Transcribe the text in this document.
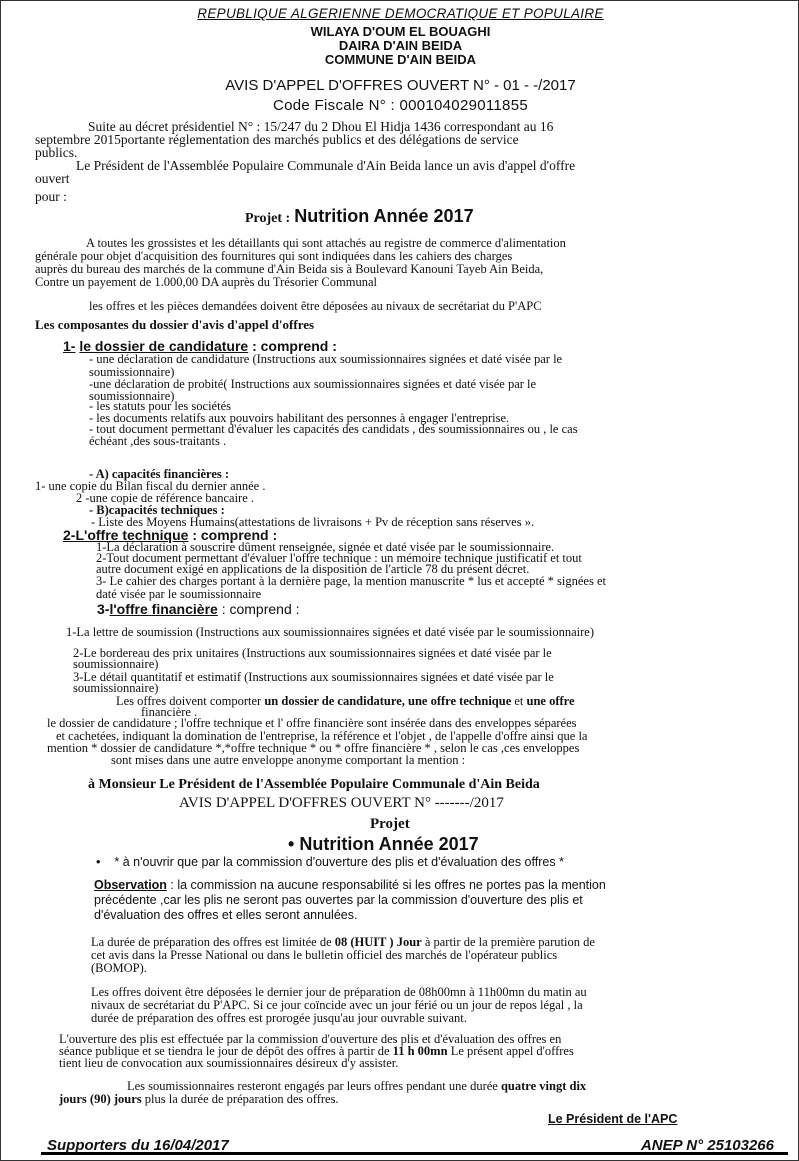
REPUBLIQUE ALGERIENNE DEMOCRATIQUE ET POPULAIRE
WILAYA D'OUM EL BOUAGHI
DAIRA D'AIN BEIDA
COMMUNE D'AIN BEIDA
AVIS D'APPEL D'OFFRES OUVERT N° - 01 - -/2017
Code Fiscale N° : 000104029011855
Suite au décret présidentiel N° : 15/247 du 2 Dhou El Hidja 1436 correspondant au 16
septembre 2015portante réglementation des marchés publics et des délégations de service
publics.
Le Président de l'Assemblée Populaire Communale d'Ain Beida lance un avis d'appel d'offre
ouvert
pour :
Projet : Nutrition Année 2017
A toutes les grossistes et les détaillants qui sont attachés au registre de commerce d'alimentation
générale pour objet d'acquisition des fournitures qui sont indiquées dans les cahiers des charges
auprès du bureau des marchés de la commune d'Ain Beida sis à Boulevard Kanouni Tayeb Ain Beida,
Contre un payement de 1.000,00 DA auprès du Trésorier Communal
les offres et les pièces demandées doivent être déposées au nivaux de secrétariat du P'APC
Les composantes du dossier d'avis d'appel d'offres
1- le dossier de candidature : comprend :
- une déclaration de candidature (Instructions aux soumissionnaires signées et daté visée par le
soumissionnaire)
-une déclaration de probité( Instructions aux soumissionnaires signées et daté visée par le
soumissionnaire)
- les statuts pour les sociétés
- les documents relatifs aux pouvoirs habilitant des personnes à engager l'entreprise.
- tout document permettant d'évaluer les capacités des candidats , des soumissionnaires ou , le cas
échéant ,des sous-traitants .
- A) capacités financières :
1- une copie du Bilan fiscal du dernier année .
2 -une copie de référence bancaire .
- B)capacités techniques :
- Liste des Moyens Humains(attestations de livraisons + Pv de réception sans réserves ».
2-L'offre technique : comprend :
1-La déclaration à souscrire dûment renseignée, signée et daté visée par le soumissionnaire.
2-Tout document permettant d'évaluer l'offre technique : un mémoire technique justificatif et tout
autre document exigé en applications de la disposition de l'article 78 du présent décret.
3- Le cahier des charges portant à la dernière page, la mention manuscrite * lus et accepté * signées et
daté visée par le soumissionnaire
3-l'offre financière : comprend :
1-La lettre de soumission (Instructions aux soumissionnaires signées et daté visée par le soumissionnaire)
2-Le bordereau des prix unitaires (Instructions aux soumissionnaires signées et daté visée par le
soumissionnaire)
3-Le détail quantitatif et estimatif (Instructions aux soumissionnaires signées et daté visée par le
soumissionnaire)
Les offres doivent comporter un dossier de candidature, une offre technique et une offre
financière .
le dossier de candidature ; l'offre technique et l' offre financière sont insérée dans des enveloppes séparées
et cachetées, indiquant la domination de l'entreprise, la référence et l'objet , de l'appelle d'offre ainsi que la
mention * dossier de candidature *,*offre technique * ou * offre financière * , selon le cas ,ces enveloppes
sont mises dans une autre enveloppe anonyme comportant la mention :
à Monsieur Le Président de l'Assemblée Populaire Communale d'Ain Beida
AVIS D'APPEL D'OFFRES OUVERT N° -------/2017
Projet
• Nutrition Année 2017
• * à n'ouvrir que par la commission d'ouverture des plis et d'évaluation des offres *
Observation : la commission na aucune responsabilité si les offres ne portes pas la mention
précédente ,car les plis ne seront pas ouvertes par la commission d'ouverture des plis et
d'évaluation des offres et elles seront annulées.
La durée de préparation des offres est limitée de 08 (HUIT ) Jour à partir de la première parution de
cet avis dans la Presse National ou dans le bulletin officiel des marchés de l'opérateur publics
(BOMOP).
Les offres doivent être déposées le dernier jour de préparation de 08h00mn à 11h00mn du matin au
nivaux de secrétariat du P'APC. Si ce jour coïncide avec un jour férié ou un jour de repos légal , la
durée de préparation des offres est prorogée jusqu'au jour ouvrable suivant.
L'ouverture des plis est effectuée par la commission d'ouverture des plis et d'évaluation des offres en
séance publique et se tiendra le jour de dépôt des offres à partir de 11 h 00mn Le présent appel d'offres
tient lieu de convocation aux soumissionnaires désireux d'y assister.
Les soumissionnaires resteront engagés par leurs offres pendant une durée quatre vingt dix
jours (90) jours plus la durée de préparation des offres.
Le Président de l'APC
Supporters du 16/04/2017	ANEP N° 25103266
